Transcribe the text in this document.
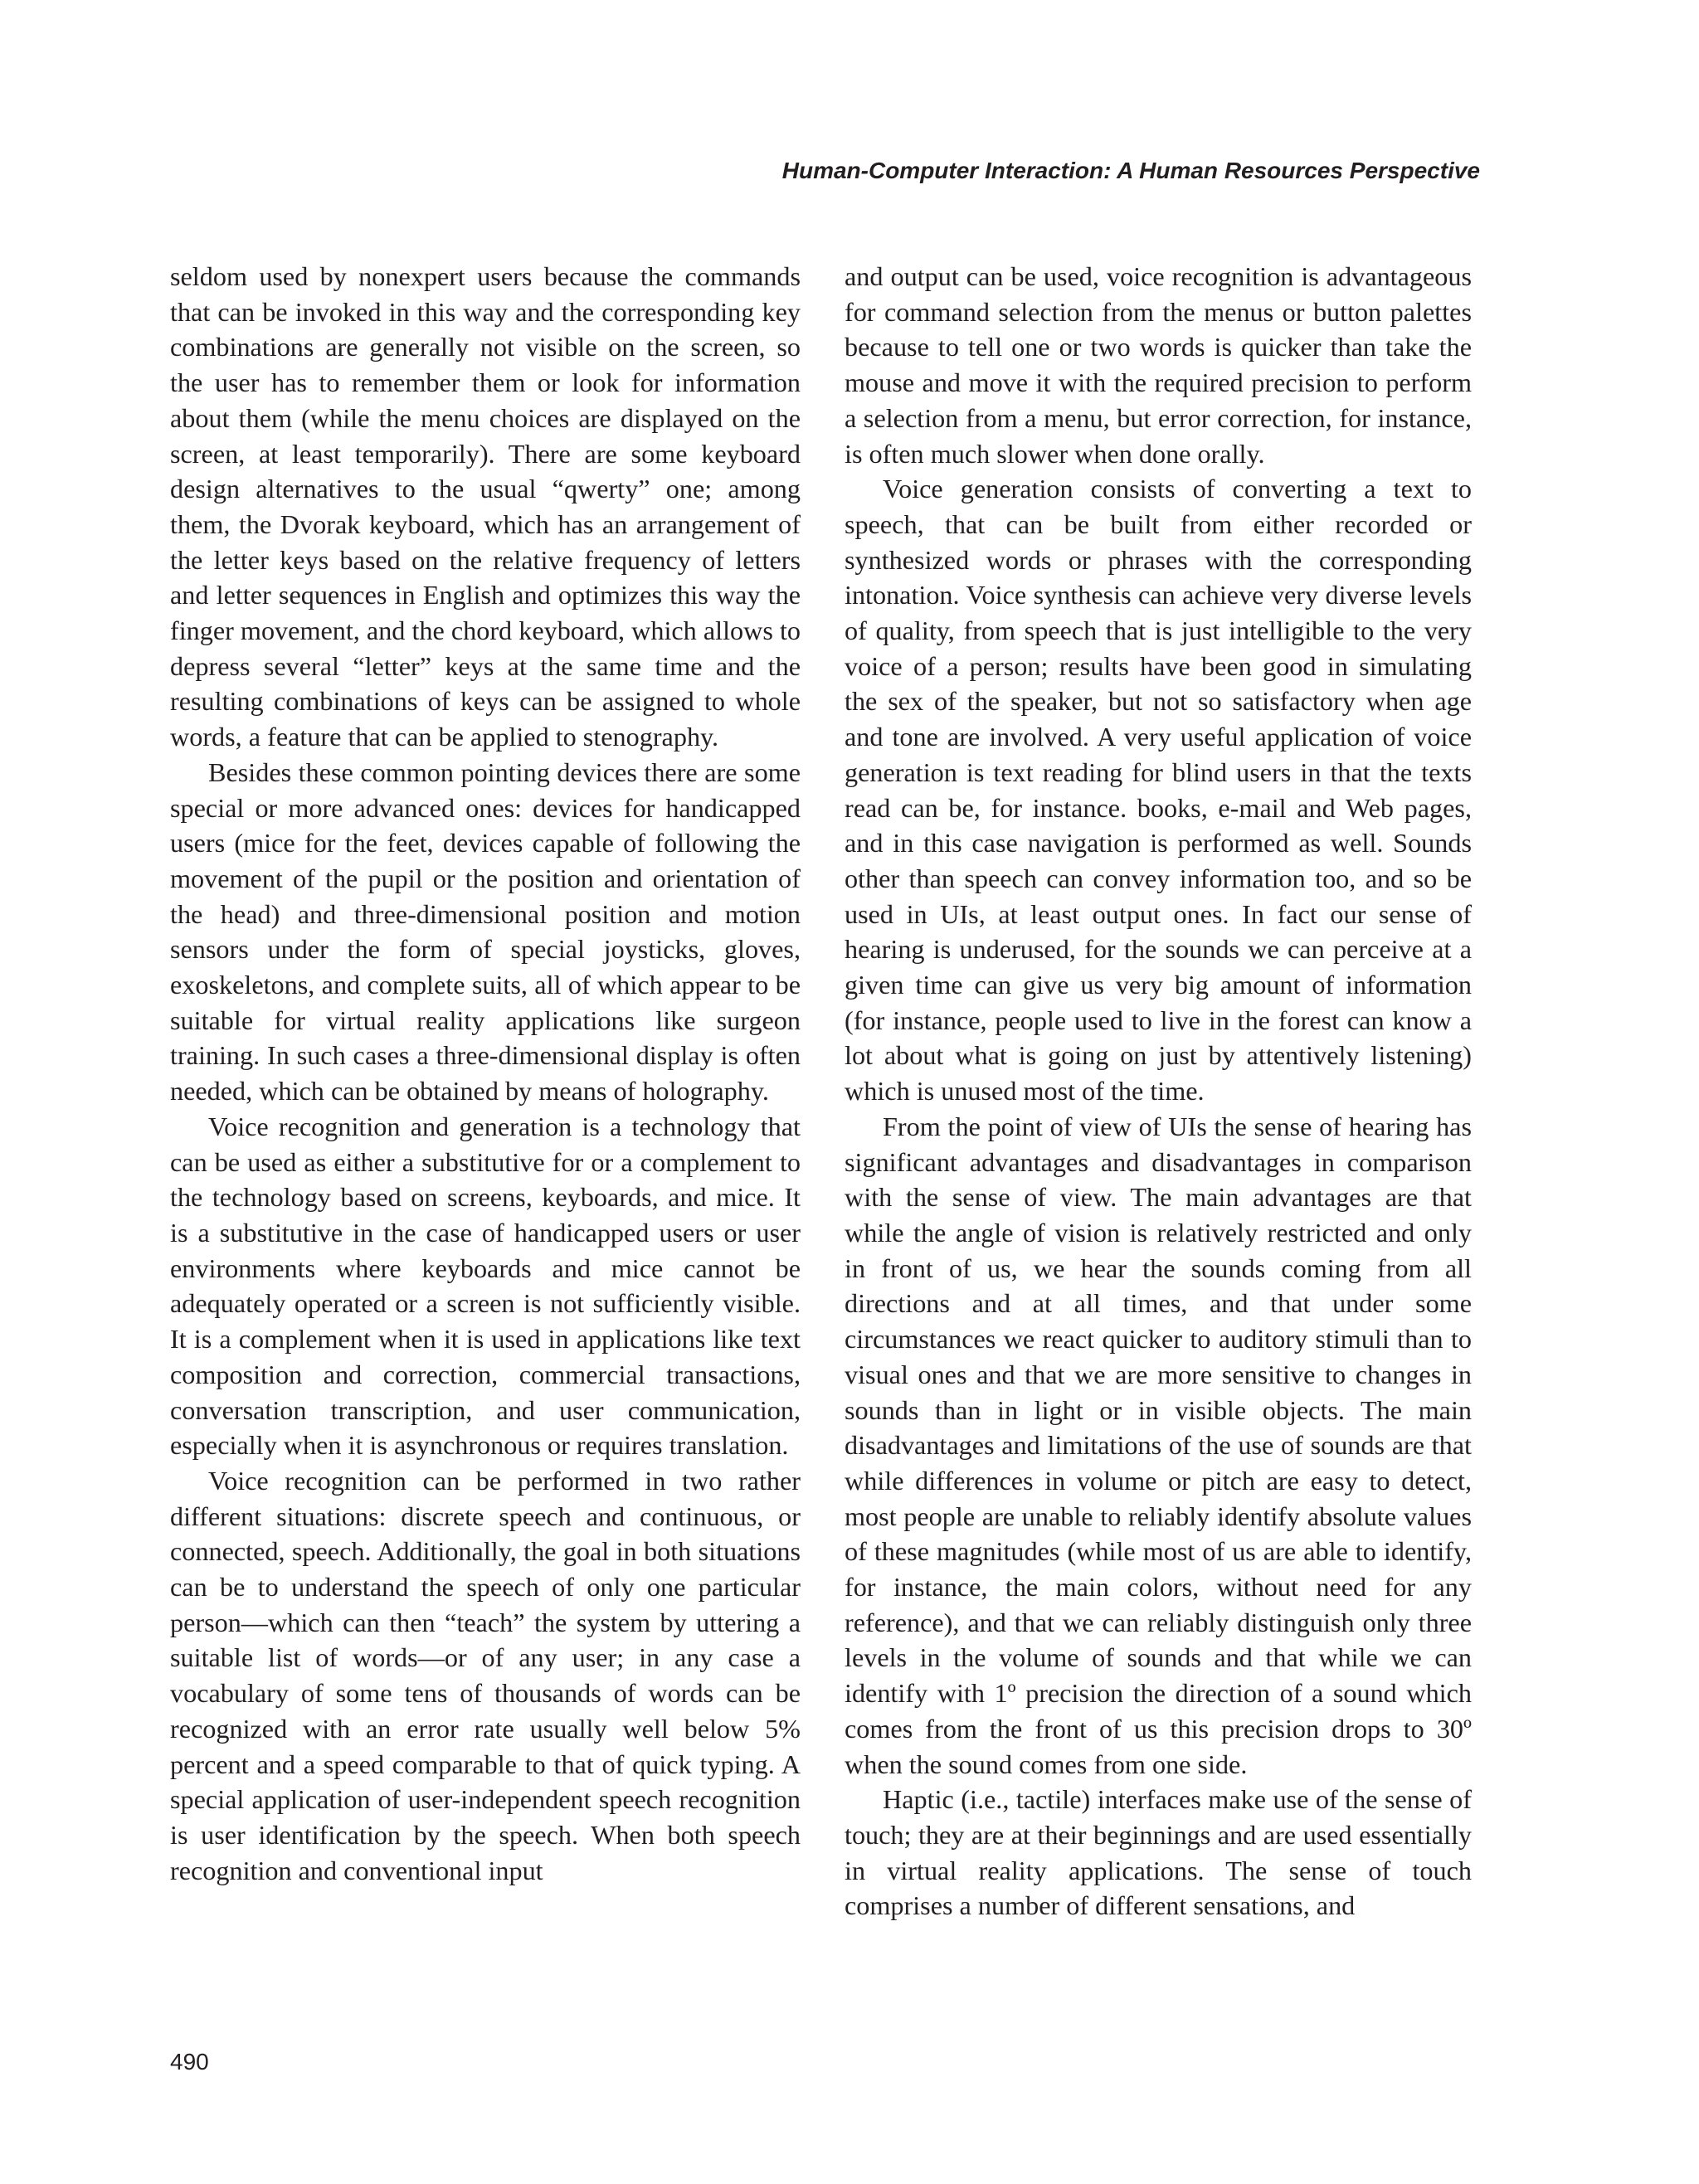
Human-Computer Interaction: A Human Resources Perspective

seldom used by nonexpert users because the commands that can be invoked in this way and the corresponding key combinations are generally not visible on the screen, so the user has to remember them or look for information about them (while the menu choices are displayed on the screen, at least temporarily). There are some keyboard design alternatives to the usual “qwerty” one; among them, the Dvorak keyboard, which has an arrangement of the letter keys based on the relative frequency of letters and letter sequences in English and optimizes this way the finger movement, and the chord keyboard, which allows to depress several “letter” keys at the same time and the resulting combinations of keys can be assigned to whole words, a feature that can be applied to stenography.

Besides these common pointing devices there are some special or more advanced ones: devices for handicapped users (mice for the feet, devices capable of following the movement of the pupil or the position and orientation of the head) and three-dimensional position and motion sensors under the form of special joysticks, gloves, exoskeletons, and complete suits, all of which appear to be suitable for virtual reality applications like surgeon training. In such cases a three-dimensional display is often needed, which can be obtained by means of holography.

Voice recognition and generation is a technology that can be used as either a substitutive for or a complement to the technology based on screens, keyboards, and mice. It is a substitutive in the case of handicapped users or user environments where keyboards and mice cannot be adequately operated or a screen is not sufficiently visible. It is a complement when it is used in applications like text composition and correction, commercial transactions, conversation transcription, and user communication, especially when it is asynchronous or requires translation.

Voice recognition can be performed in two rather different situations: discrete speech and continuous, or connected, speech. Additionally, the goal in both situations can be to understand the speech of only one particular person—which can then “teach” the system by uttering a suitable list of words—or of any user; in any case a vocabulary of some tens of thousands of words can be recognized with an error rate usually well below 5% percent and a speed comparable to that of quick typing. A special application of user-independent speech recognition is user identification by the speech. When both speech recognition and conventional input

and output can be used, voice recognition is advantageous for command selection from the menus or button palettes because to tell one or two words is quicker than take the mouse and move it with the required precision to perform a selection from a menu, but error correction, for instance, is often much slower when done orally.

Voice generation consists of converting a text to speech, that can be built from either recorded or synthesized words or phrases with the corresponding intonation. Voice synthesis can achieve very diverse levels of quality, from speech that is just intelligible to the very voice of a person; results have been good in simulating the sex of the speaker, but not so satisfactory when age and tone are involved. A very useful application of voice generation is text reading for blind users in that the texts read can be, for instance. books, e-mail and Web pages, and in this case navigation is performed as well. Sounds other than speech can convey information too, and so be used in UIs, at least output ones. In fact our sense of hearing is underused, for the sounds we can perceive at a given time can give us very big amount of information (for instance, people used to live in the forest can know a lot about what is going on just by attentively listening) which is unused most of the time.

From the point of view of UIs the sense of hearing has significant advantages and disadvantages in comparison with the sense of view. The main advantages are that while the angle of vision is relatively restricted and only in front of us, we hear the sounds coming from all directions and at all times, and that under some circumstances we react quicker to auditory stimuli than to visual ones and that we are more sensitive to changes in sounds than in light or in visible objects. The main disadvantages and limitations of the use of sounds are that while differences in volume or pitch are easy to detect, most people are unable to reliably identify absolute values of these magnitudes (while most of us are able to identify, for instance, the main colors, without need for any reference), and that we can reliably distinguish only three levels in the volume of sounds and that while we can identify with 1º precision the direction of a sound which comes from the front of us this precision drops to 30º when the sound comes from one side.

Haptic (i.e., tactile) interfaces make use of the sense of touch; they are at their beginnings and are used essentially in virtual reality applications. The sense of touch comprises a number of different sensations, and

490
